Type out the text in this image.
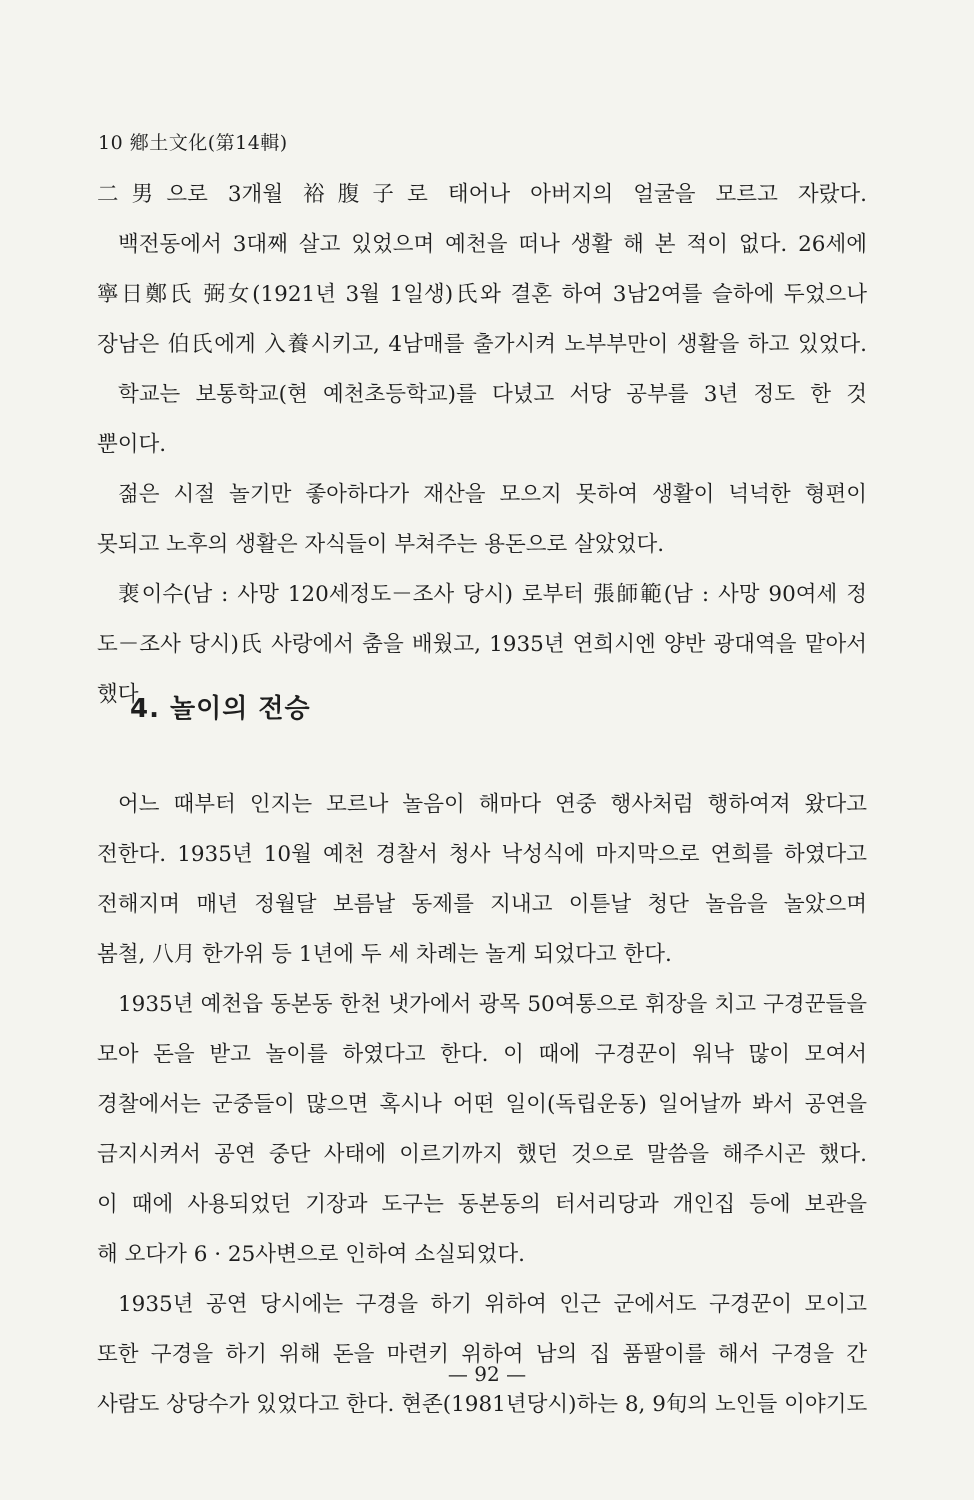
10 鄕土文化(第14輯)
二男으로 3개월 裕腹子로 태어나 아버지의 얼굴을 모르고 자랐다.
백전동에서 3대째 살고 있었으며 예천을 떠나 생활 해 본 적이 없다. 26세에
寧日鄭氏 弼女(1921년 3월 1일생)氏와 결혼 하여 3남2여를 슬하에 두었으나
장남은 伯氏에게 入養시키고, 4남매를 출가시켜 노부부만이 생활을 하고 있었다.
학교는 보통학교(현 예천초등학교)를 다녔고 서당 공부를 3년 정도 한 것
뿐이다.
젊은 시절 놀기만 좋아하다가 재산을 모으지 못하여 생활이 넉넉한 형편이
못되고 노후의 생활은 자식들이 부쳐주는 용돈으로 살았었다.
裵이수(남 : 사망 120세정도－조사 당시) 로부터 張師範(남 : 사망 90여세 정
도－조사 당시)氏 사랑에서 춤을 배웠고, 1935년 연희시엔 양반 광대역을 맡아서
했다.
4. 놀이의 전승
어느 때부터 인지는 모르나 놀음이 해마다 연중 행사처럼 행하여져 왔다고
전한다. 1935년 10월 예천 경찰서 청사 낙성식에 마지막으로 연희를 하였다고
전해지며 매년 정월달 보름날 동제를 지내고 이튿날 청단 놀음을 놀았으며
봄철, 八月 한가위 등 1년에 두 세 차례는 놀게 되었다고 한다.
1935년 예천읍 동본동 한천 냇가에서 광목 50여통으로 휘장을 치고 구경꾼들을
모아 돈을 받고 놀이를 하였다고 한다. 이 때에 구경꾼이 워낙 많이 모여서
경찰에서는 군중들이 많으면 혹시나 어떤 일이(독립운동) 일어날까 봐서 공연을
금지시켜서 공연 중단 사태에 이르기까지 했던 것으로 말씀을 해주시곤 했다.
이 때에 사용되었던 기장과 도구는 동본동의 터서리당과 개인집 등에 보관을
해 오다가 6 · 25사변으로 인하여 소실되었다.
1935년 공연 당시에는 구경을 하기 위하여 인근 군에서도 구경꾼이 모이고
또한 구경을 하기 위해 돈을 마련키 위하여 남의 집 품팔이를 해서 구경을 간
사람도 상당수가 있었다고 한다. 현존(1981년당시)하는 8, 9旬의 노인들 이야기도
— 92 —
